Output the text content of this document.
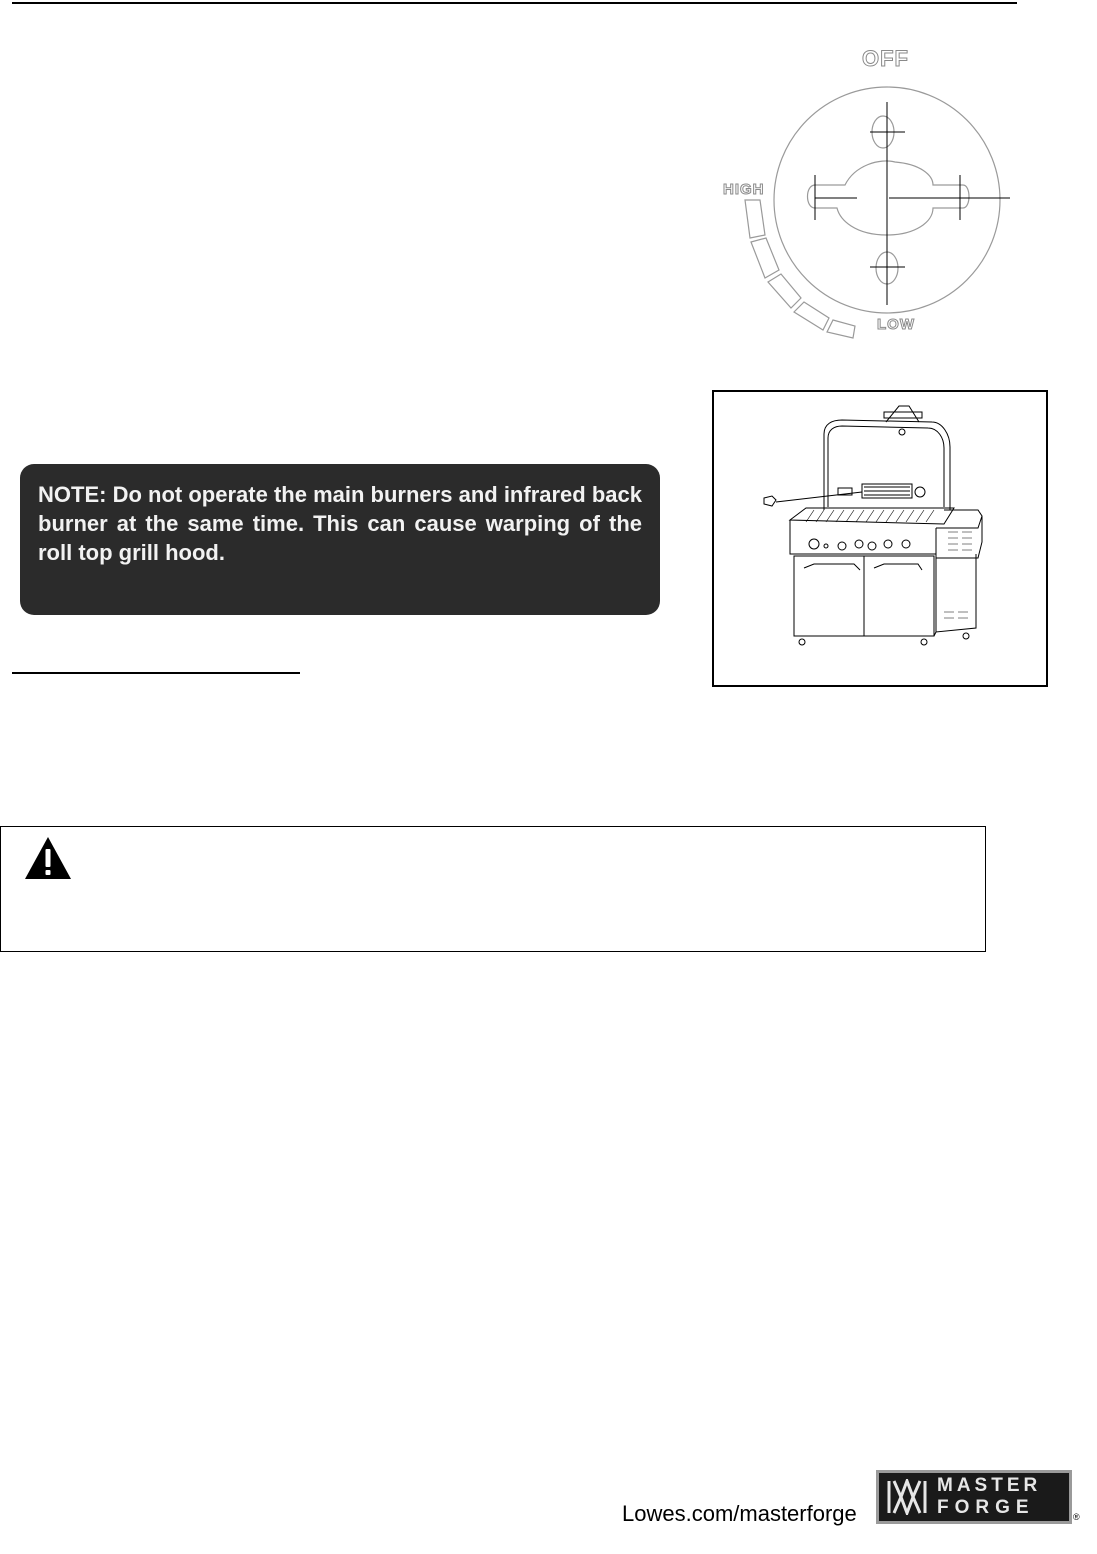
OFF
HIGH
LOW

NOTE: Do not operate the main burners and infrared back burner at the same time. This can cause warping of the roll top grill hood.

Lowes.com/masterforge
MASTER
FORGE	®
